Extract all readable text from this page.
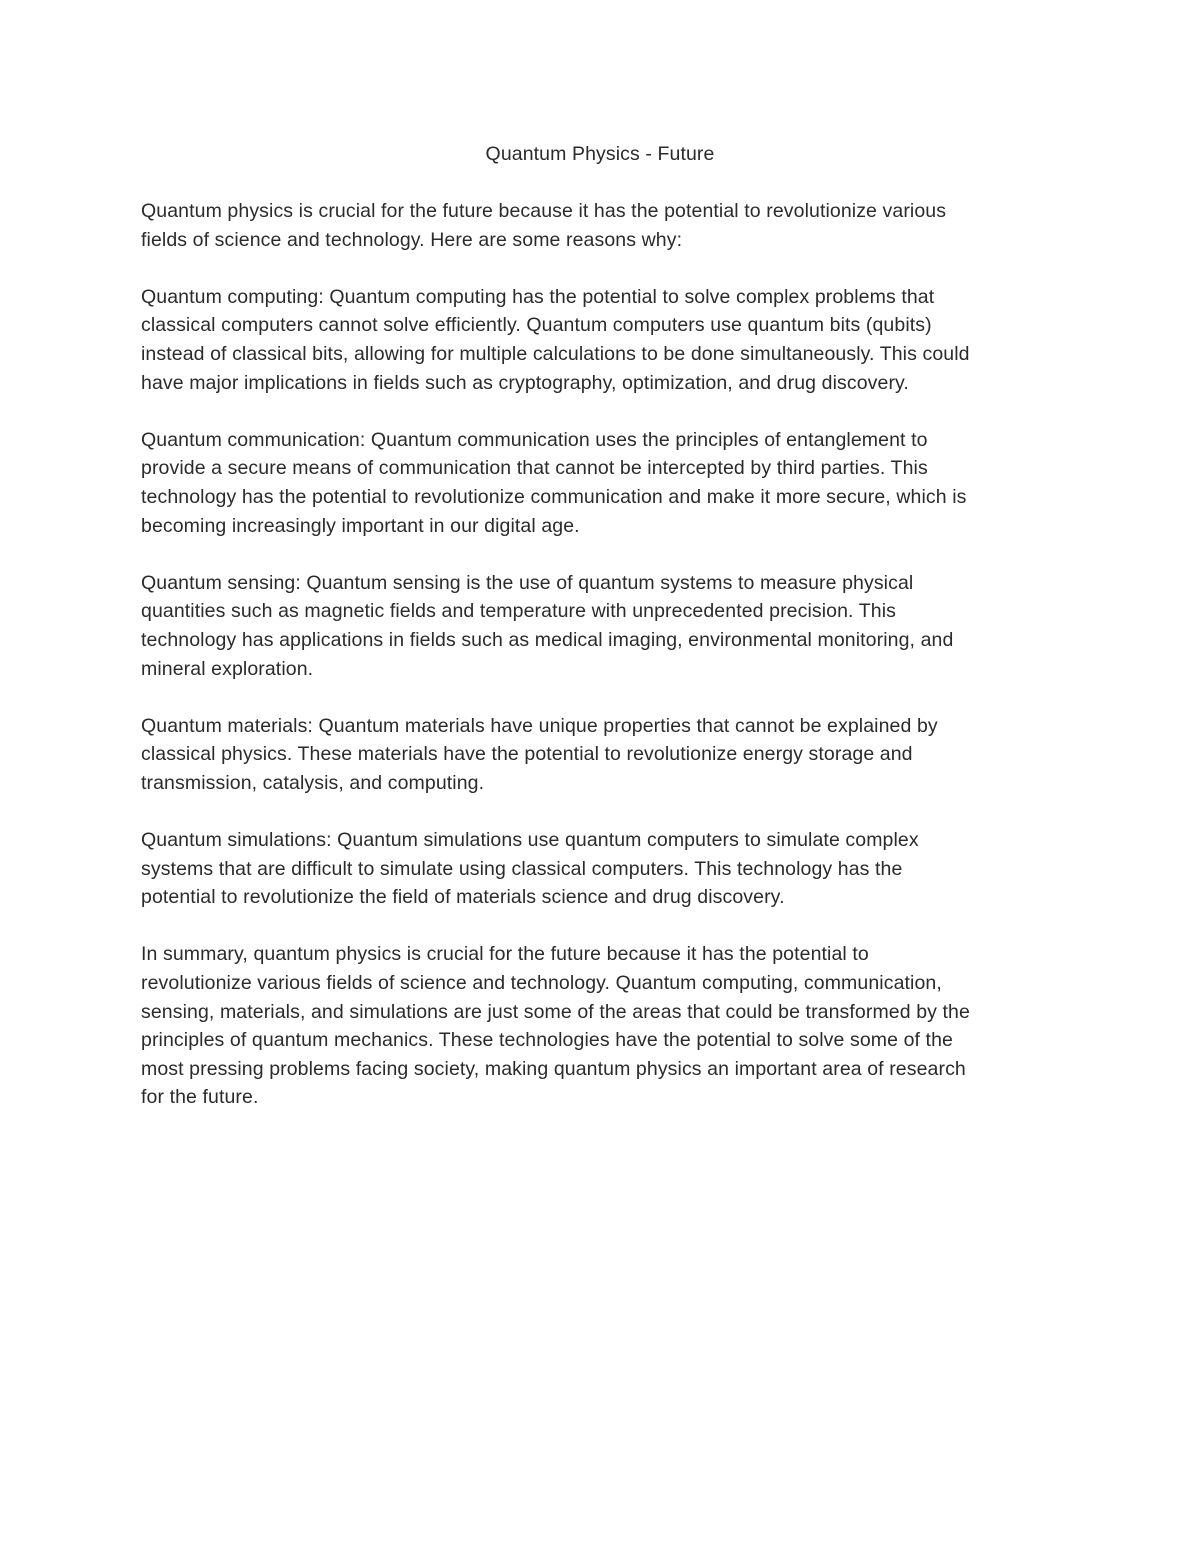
Quantum Physics - Future

Quantum physics is crucial for the future because it has the potential to revolutionize various
fields of science and technology. Here are some reasons why:

Quantum computing: Quantum computing has the potential to solve complex problems that
classical computers cannot solve efficiently. Quantum computers use quantum bits (qubits)
instead of classical bits, allowing for multiple calculations to be done simultaneously. This could
have major implications in fields such as cryptography, optimization, and drug discovery.

Quantum communication: Quantum communication uses the principles of entanglement to
provide a secure means of communication that cannot be intercepted by third parties. This
technology has the potential to revolutionize communication and make it more secure, which is
becoming increasingly important in our digital age.

Quantum sensing: Quantum sensing is the use of quantum systems to measure physical
quantities such as magnetic fields and temperature with unprecedented precision. This
technology has applications in fields such as medical imaging, environmental monitoring, and
mineral exploration.

Quantum materials: Quantum materials have unique properties that cannot be explained by
classical physics. These materials have the potential to revolutionize energy storage and
transmission, catalysis, and computing.

Quantum simulations: Quantum simulations use quantum computers to simulate complex
systems that are difficult to simulate using classical computers. This technology has the
potential to revolutionize the field of materials science and drug discovery.

In summary, quantum physics is crucial for the future because it has the potential to
revolutionize various fields of science and technology. Quantum computing, communication,
sensing, materials, and simulations are just some of the areas that could be transformed by the
principles of quantum mechanics. These technologies have the potential to solve some of the
most pressing problems facing society, making quantum physics an important area of research
for the future.
